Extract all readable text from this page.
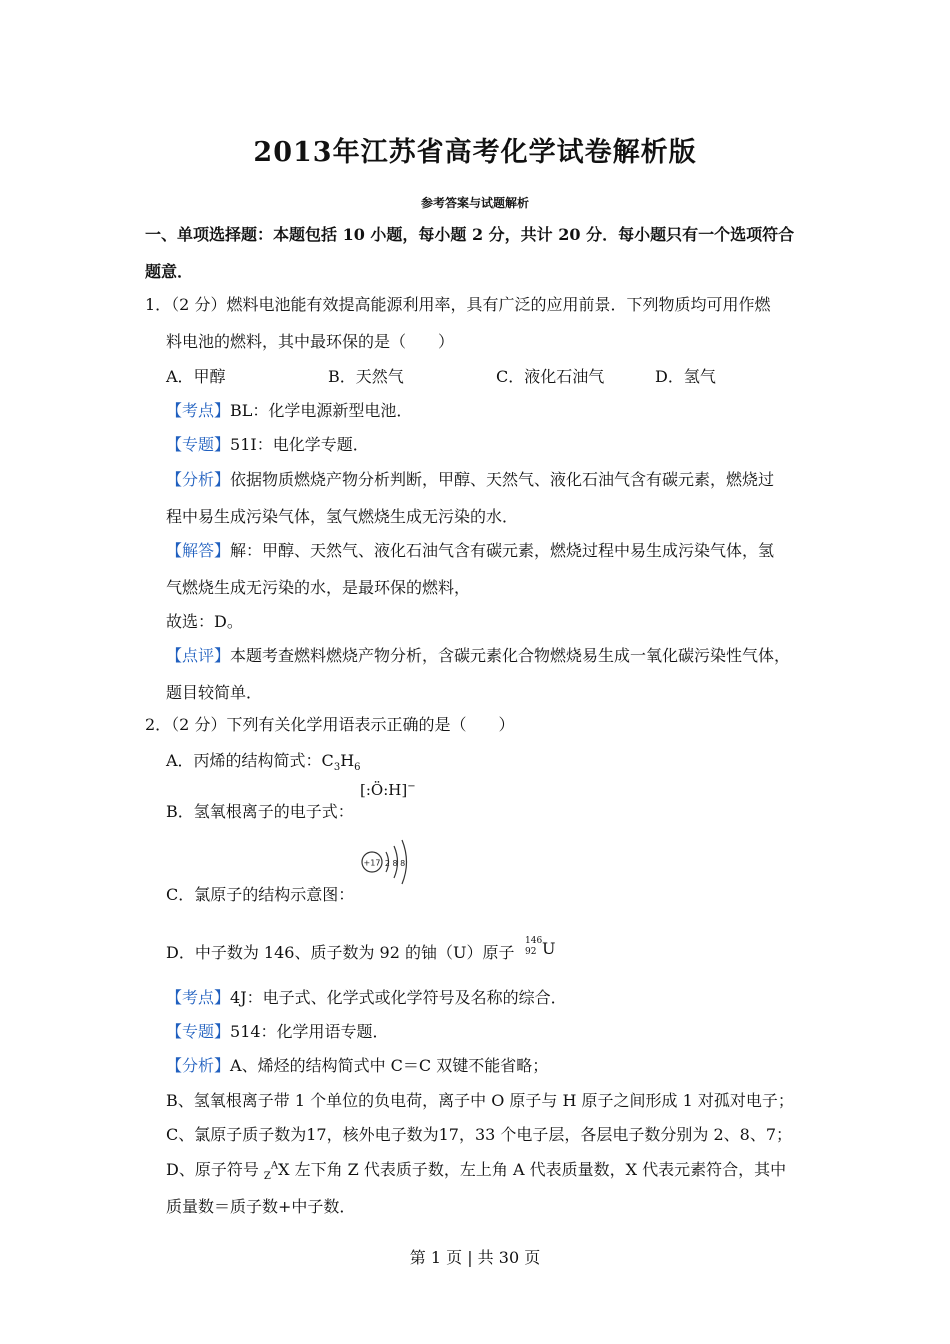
2013年江苏省高考化学试卷解析版
参考答案与试题解析
一、单项选择题：本题包括 10 小题，每小题 2 分，共计 20 分．每小题只有一个选项符合
题意．
1．（2 分）燃料电池能有效提高能源利用率，具有广泛的应用前景．下列物质均可用作燃
料电池的燃料，其中最环保的是（　　）
A．甲醇	B．天然气	C．液化石油气	D．氢气
【考点】BL：化学电源新型电池．
【专题】51I：电化学专题．
【分析】依据物质燃烧产物分析判断，甲醇、天然气、液化石油气含有碳元素，燃烧过
程中易生成污染气体，氢气燃烧生成无污染的水．
【解答】解：甲醇、天然气、液化石油气含有碳元素，燃烧过程中易生成污染气体，氢
气燃烧生成无污染的水，是最环保的燃料，
故选：D。
【点评】本题考查燃料燃烧产物分析，含碳元素化合物燃烧易生成一氧化碳污染性气体，
题目较简单．
2．（2 分）下列有关化学用语表示正确的是（　　）
A．丙烯的结构简式：$C_3H_6$
B．氢氧根离子的电子式：
[:Ö:H]−
C．氯原子的结构示意图：
+17 2 8 8
D．中子数为 146、质子数为 92 的铀（U）原子
146
92 U
【考点】4J：电子式、化学式或化学符号及名称的综合．
【专题】514：化学用语专题．
【分析】A、烯烃的结构简式中 C＝C 双键不能省略；
B、氢氧根离子带 1 个单位的负电荷，离子中 O 原子与 H 原子之间形成 1 对孤对电子；
C、氯原子质子数为17，核外电子数为17，33 个电子层，各层电子数分别为 2、8、7；
D、原子符号 $_Z^A$X 左下角 Z 代表质子数，左上角 A 代表质量数，X 代表元素符合，其中
质量数＝质子数+中子数．
第 1 页 | 共 30 页
